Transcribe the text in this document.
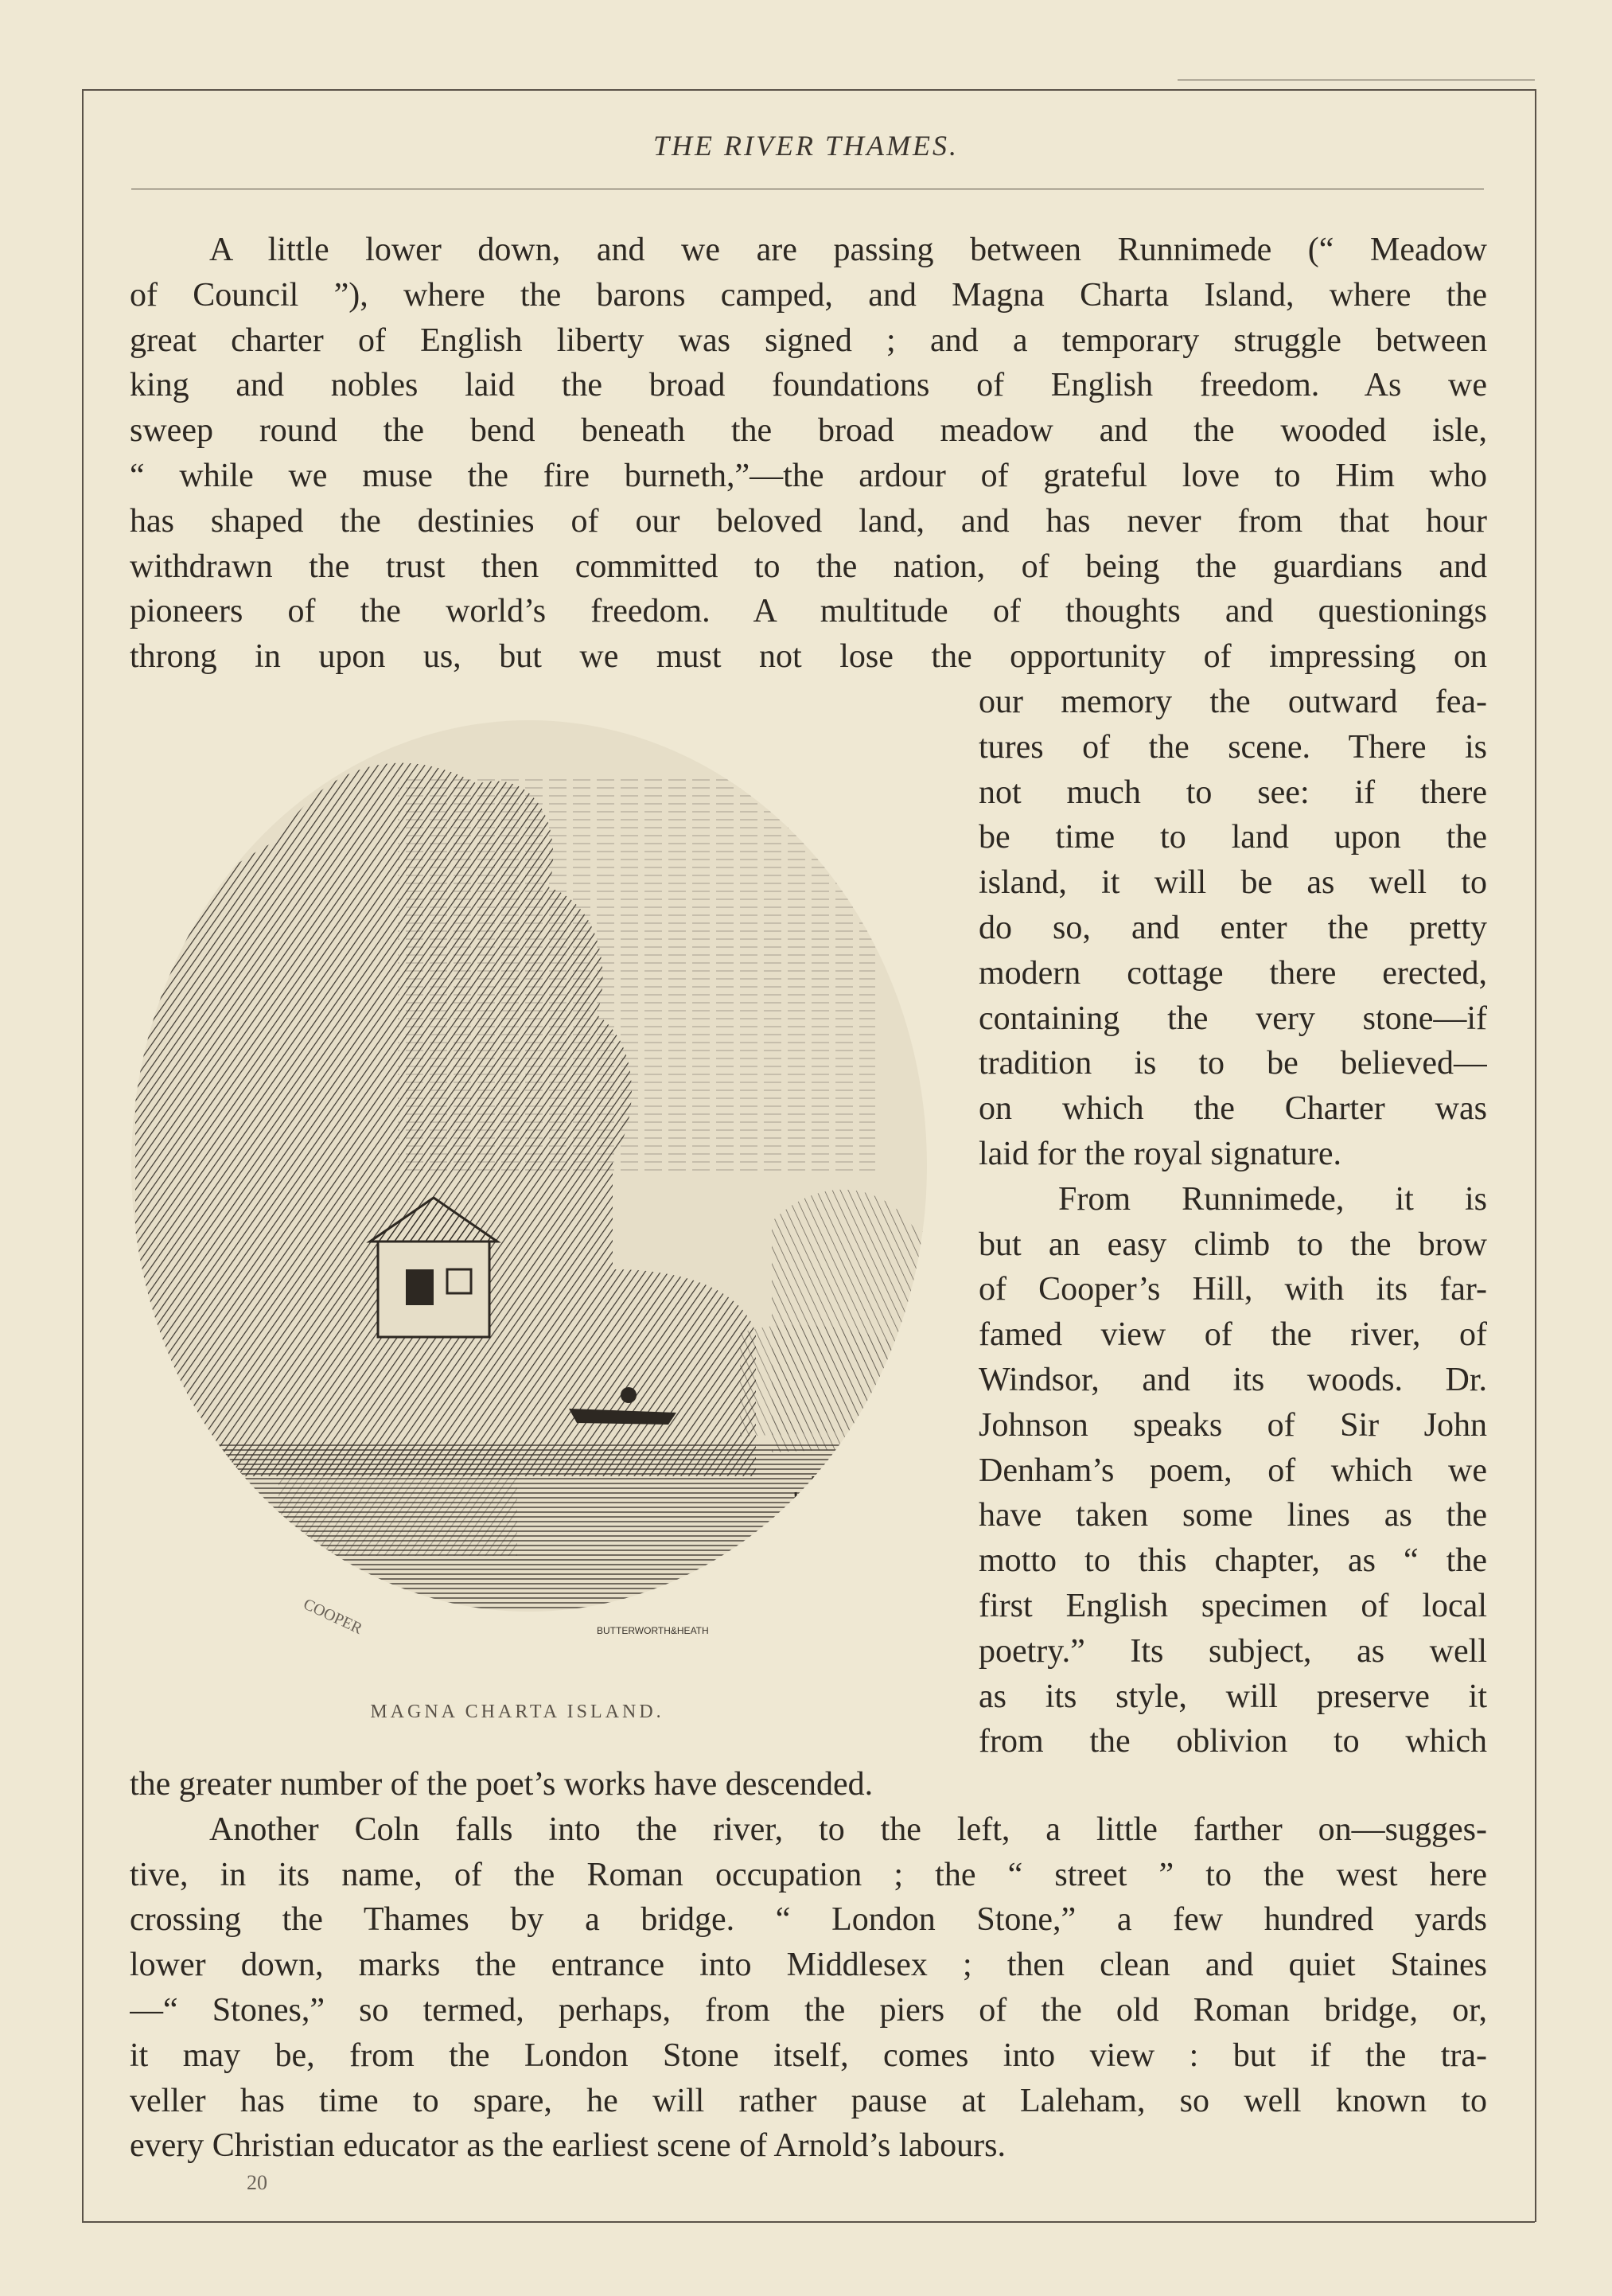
THE RIVER THAMES.
A little lower down, and we are passing between Runnimede (“ Meadow
of Council ”), where the barons camped, and Magna Charta Island, where the
great charter of English liberty was signed ; and a temporary struggle between
king and nobles laid the broad foundations of English freedom. As we
sweep round the bend beneath the broad meadow and the wooded isle,
“ while we muse the fire burneth,”—the ardour of grateful love to Him who
has shaped the destinies of our beloved land, and has never from that hour
withdrawn the trust then committed to the nation, of being the guardians and
pioneers of the world’s freedom. A multitude of thoughts and questionings
throng in upon us, but we must not lose the opportunity of impressing on
our memory the outward fea-
tures of the scene. There is
not much to see: if there
be time to land upon the
island, it will be as well to
do so, and enter the pretty
modern cottage there erected,
containing the very stone—if
tradition is to be believed—
on which the Charter was
laid for the royal signature.
From Runnimede, it is
but an easy climb to the brow
of Cooper’s Hill, with its far-
famed view of the river, of
Windsor, and its woods. Dr.
Johnson speaks of Sir John
Denham’s poem, of which we
have taken some lines as the
motto to this chapter, as “ the
first English specimen of local
poetry.” Its subject, as well
as its style, will preserve it
from the oblivion to which
COOPER	BUTTERWORTH&HEATH
MAGNA CHARTA ISLAND.
the greater number of the poet’s works have descended.
Another Coln falls into the river, to the left, a little farther on—sugges-
tive, in its name, of the Roman occupation ; the “ street ” to the west here
crossing the Thames by a bridge. “ London Stone,” a few hundred yards
lower down, marks the entrance into Middlesex ; then clean and quiet Staines
—“ Stones,” so termed, perhaps, from the piers of the old Roman bridge, or,
it may be, from the London Stone itself, comes into view : but if the tra-
veller has time to spare, he will rather pause at Laleham, so well known to
every Christian educator as the earliest scene of Arnold’s labours.
20
